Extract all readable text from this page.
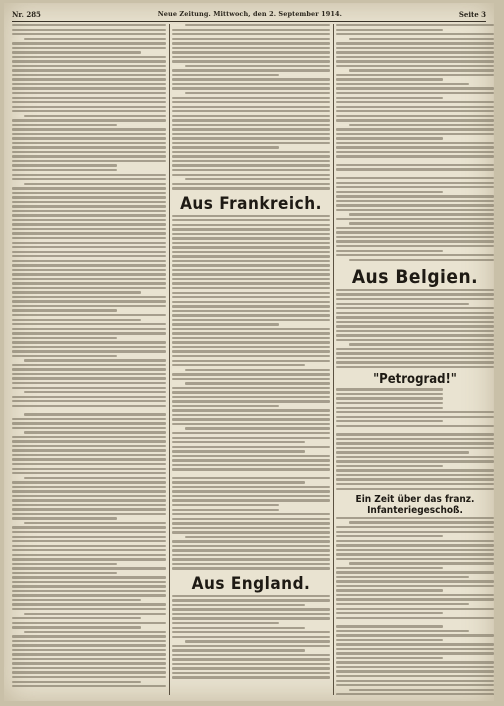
Nr. 285	Neue Zeitung. Mittwoch, den 2. September 1914.	Seite 3
Aus Frankreich.
Aus England.
Aus Belgien.
"Petrograd!"
Ein Zeit über das franz. Infanteriegeschoß.
